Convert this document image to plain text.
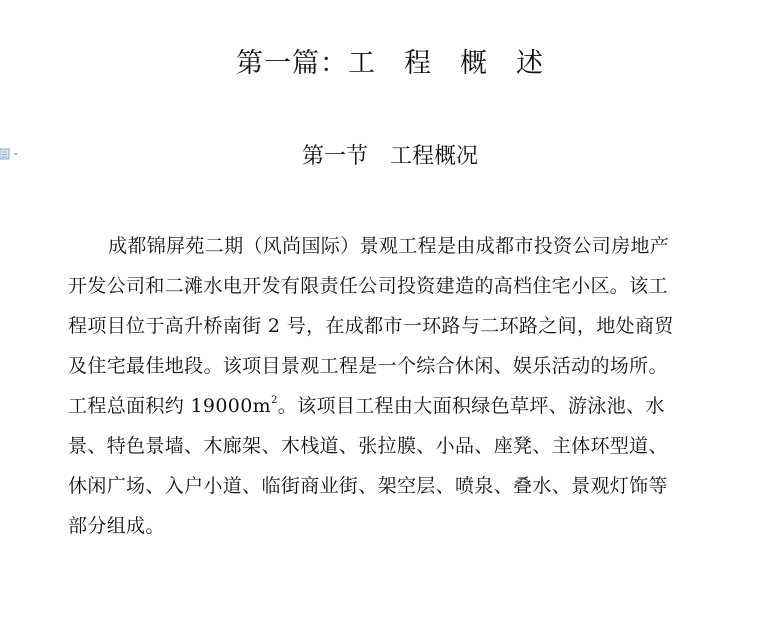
第一篇：工　程　概　述
第一节　工程概况
成都锦屏苑二期（风尚国际）景观工程是由成都市投资公司房地产
开发公司和二滩水电开发有限责任公司投资建造的高档住宅小区。该工
程项目位于高升桥南街 2 号，在成都市一环路与二环路之间，地处商贸
及住宅最佳地段。该项目景观工程是一个综合休闲、娱乐活动的场所。
工程总面积约 $19000m^2$。该项目工程由大面积绿色草坪、游泳池、水
景、特色景墙、木廊架、木栈道、张拉膜、小品、座凳、主体环型道、
休闲广场、入户小道、临街商业街、架空层、喷泉、叠水、景观灯饰等
部分组成。
